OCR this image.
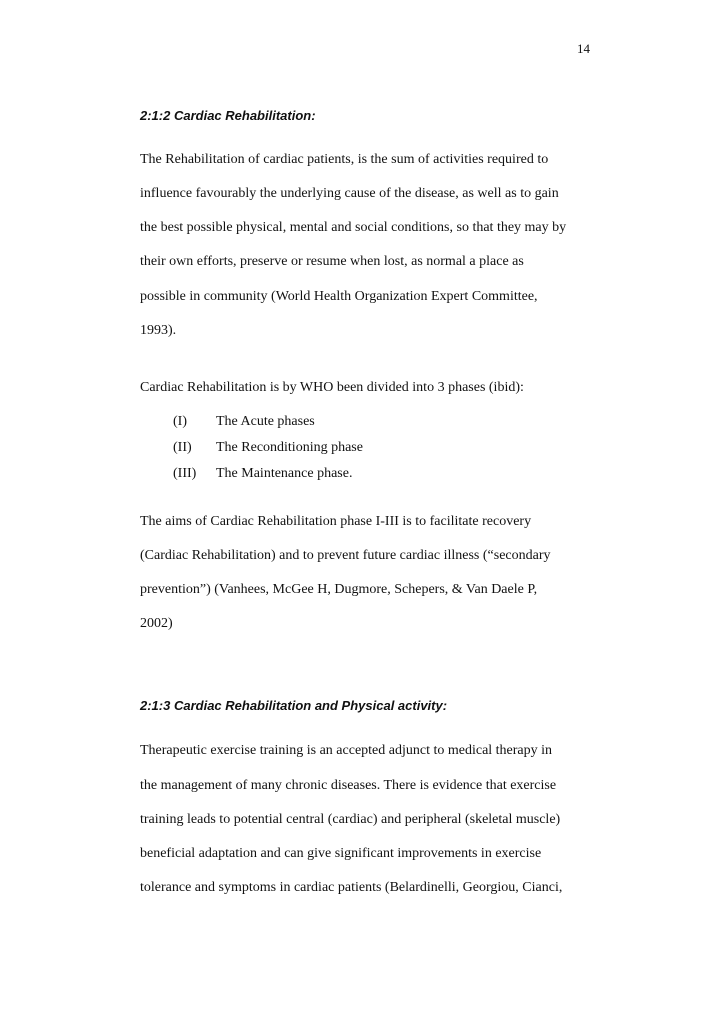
14
2:1:2 Cardiac Rehabilitation:
The Rehabilitation of cardiac patients, is the sum of activities required to
influence favourably the underlying cause of the disease, as well as to gain
the best possible physical, mental and social conditions, so that they may by
their own efforts, preserve or resume when lost, as normal a place as
possible in community (World Health Organization Expert Committee,
1993).
Cardiac Rehabilitation is by WHO been divided into 3 phases (ibid):
(I) The Acute phases
(II) The Reconditioning phase
(III) The Maintenance phase.
The aims of Cardiac Rehabilitation phase I-III is to facilitate recovery
(Cardiac Rehabilitation) and to prevent future cardiac illness (“secondary
prevention”) (Vanhees, McGee H, Dugmore, Schepers, & Van Daele P,
2002)
2:1:3 Cardiac Rehabilitation and Physical activity:
Therapeutic exercise training is an accepted adjunct to medical therapy in
the management of many chronic diseases. There is evidence that exercise
training leads to potential central (cardiac) and peripheral (skeletal muscle)
beneficial adaptation and can give significant improvements in exercise
tolerance and symptoms in cardiac patients (Belardinelli, Georgiou, Cianci,
